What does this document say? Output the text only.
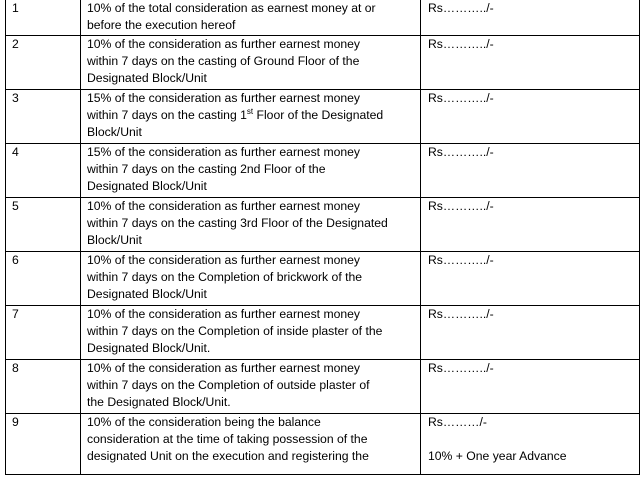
1	10% of the total consideration as earnest money at or
before the execution hereof	Rs………../-
2	10% of the consideration as further earnest money
within 7 days on the casting of Ground Floor of the
Designated Block/Unit	Rs………../-
3	15% of the consideration as further earnest money
within 7 days on the casting 1st Floor of the Designated
Block/Unit	Rs………../-
4	15% of the consideration as further earnest money
within 7 days on the casting 2nd Floor of the
Designated Block/Unit	Rs………../-
5	10% of the consideration as further earnest money
within 7 days on the casting 3rd Floor of the Designated
Block/Unit	Rs………../-
6	10% of the consideration as further earnest money
within 7 days on the Completion of brickwork of the
Designated Block/Unit	Rs………../-
7	10% of the consideration as further earnest money
within 7 days on the Completion of inside plaster of the
Designated Block/Unit.	Rs………../-
8	10% of the consideration as further earnest money
within 7 days on the Completion of outside plaster of
the Designated Block/Unit.	Rs………../-
9	10% of the consideration being the balance
consideration at the time of taking possession of the
designated Unit on the execution and registering the	Rs………/-
10% + One year Advance
